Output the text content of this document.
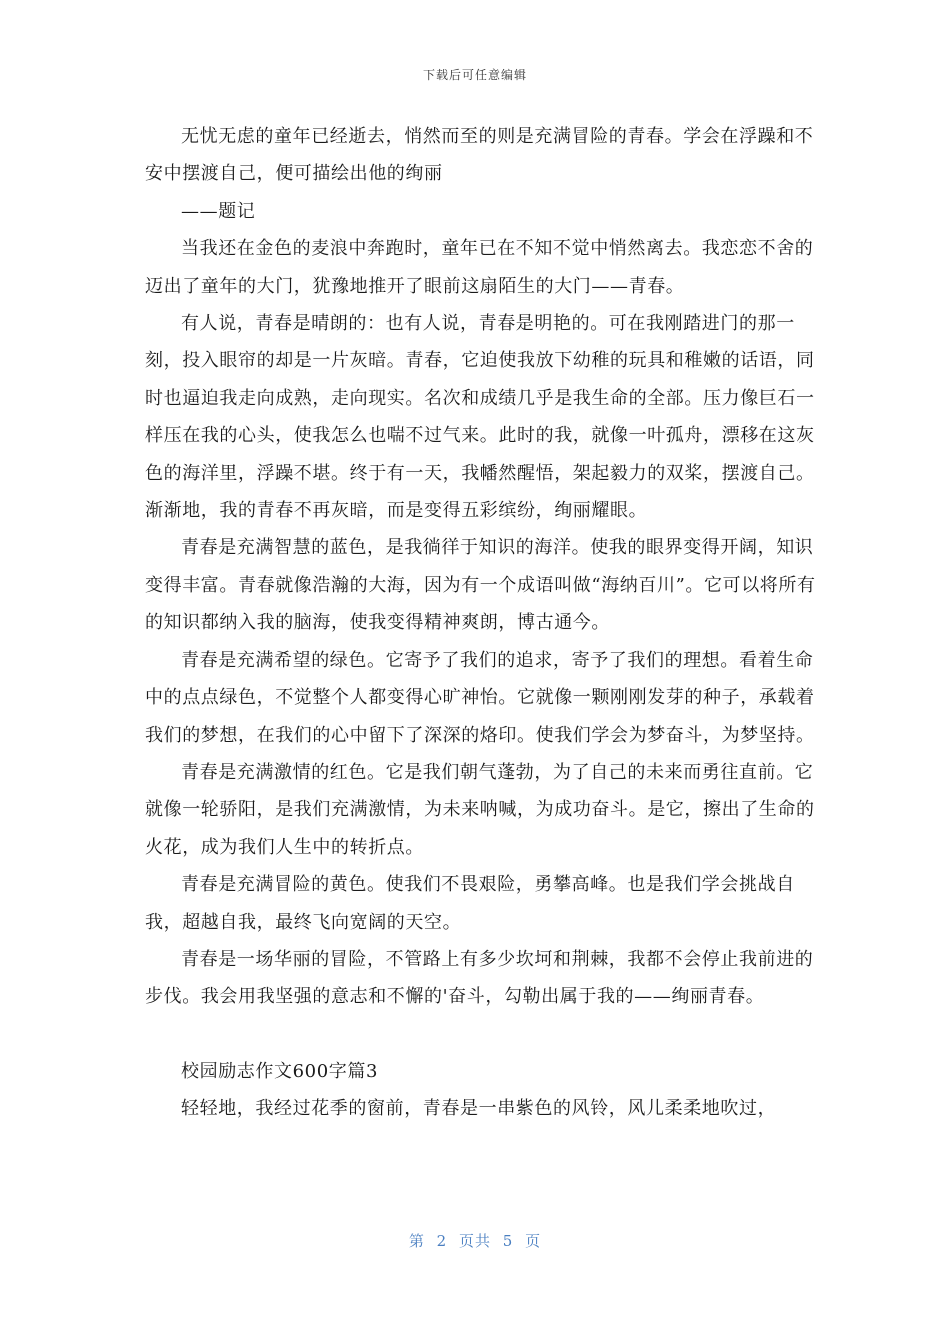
下载后可任意编辑

无忧无虑的童年已经逝去，悄然而至的则是充满冒险的青春。学会在浮躁和不安中摆渡自己，便可描绘出他的绚丽

——题记

当我还在金色的麦浪中奔跑时，童年已在不知不觉中悄然离去。我恋恋不舍的迈出了童年的大门，犹豫地推开了眼前这扇陌生的大门——青春。

有人说，青春是晴朗的：也有人说，青春是明艳的。可在我刚踏进门的那一刻，投入眼帘的却是一片灰暗。青春，它迫使我放下幼稚的玩具和稚嫩的话语，同时也逼迫我走向成熟，走向现实。名次和成绩几乎是我生命的全部。压力像巨石一样压在我的心头，使我怎么也喘不过气来。此时的我，就像一叶孤舟，漂移在这灰色的海洋里，浮躁不堪。终于有一天，我幡然醒悟，架起毅力的双桨，摆渡自己。渐渐地，我的青春不再灰暗，而是变得五彩缤纷，绚丽耀眼。

青春是充满智慧的蓝色，是我徜徉于知识的海洋。使我的眼界变得开阔，知识变得丰富。青春就像浩瀚的大海，因为有一个成语叫做“海纳百川”。它可以将所有的知识都纳入我的脑海，使我变得精神爽朗，博古通今。

青春是充满希望的绿色。它寄予了我们的追求，寄予了我们的理想。看着生命中的点点绿色，不觉整个人都变得心旷神怡。它就像一颗刚刚发芽的种子，承载着我们的梦想，在我们的心中留下了深深的烙印。使我们学会为梦奋斗，为梦坚持。

青春是充满激情的红色。它是我们朝气蓬勃，为了自己的未来而勇往直前。它就像一轮骄阳，是我们充满激情，为未来呐喊，为成功奋斗。是它，擦出了生命的火花，成为我们人生中的转折点。

青春是充满冒险的黄色。使我们不畏艰险，勇攀高峰。也是我们学会挑战自我，超越自我，最终飞向宽阔的天空。

青春是一场华丽的冒险，不管路上有多少坎坷和荆棘，我都不会停止我前进的步伐。我会用我坚强的意志和不懈的'奋斗，勾勒出属于我的——绚丽青春。

校园励志作文600字篇3

轻轻地，我经过花季的窗前，青春是一串紫色的风铃，风儿柔柔地吹过，

第 2 页共 5 页
